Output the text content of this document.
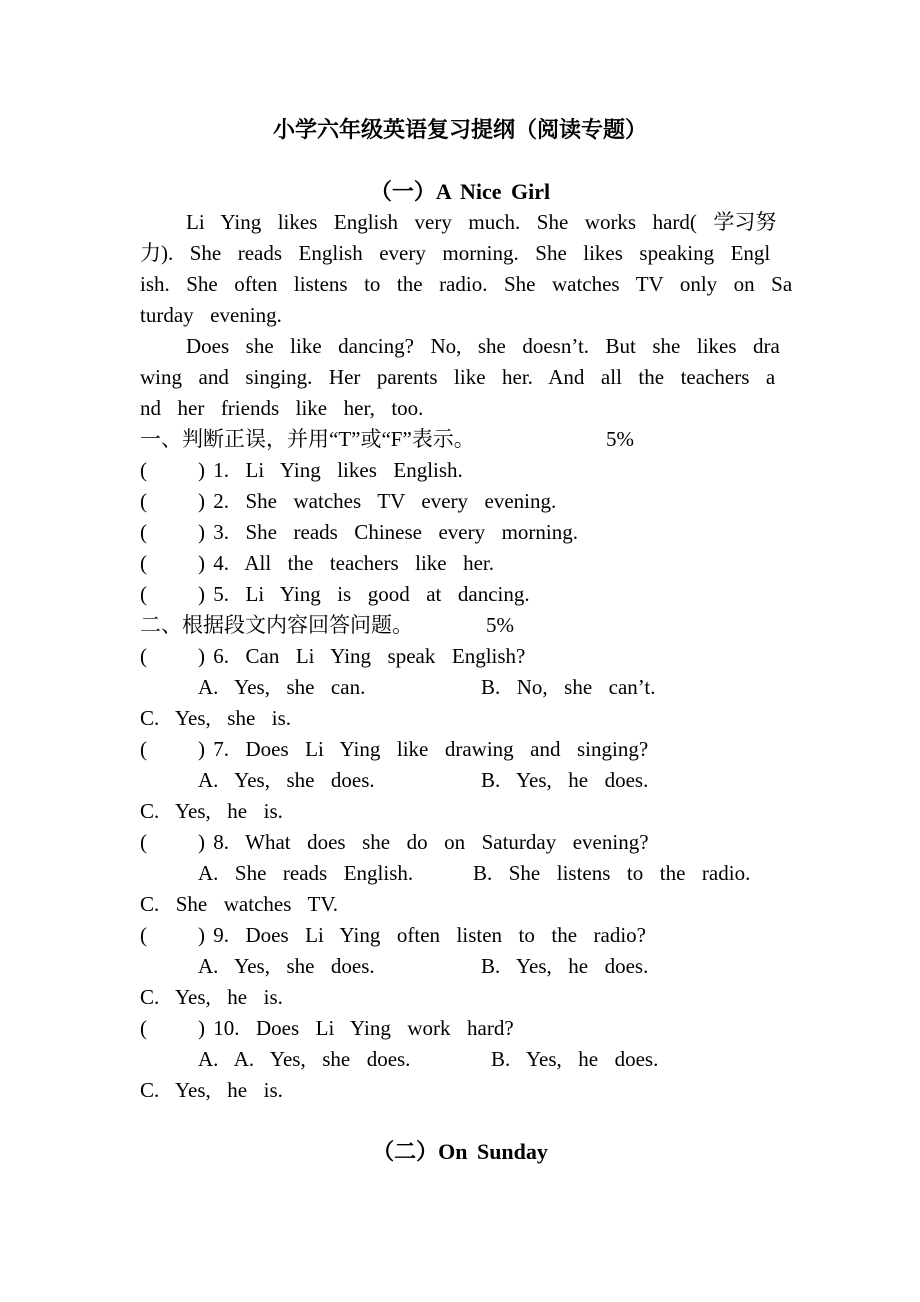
小学六年级英语复习提纲（阅读专题）
（一）A Nice Girl
Li  Ying  likes  English  very  much.  She  works  hard(  学习努
力).  She  reads  English  every  morning.  She  likes  speaking  Engl
ish.  She  often  listens  to  the  radio.  She  watches  TV  only  on  Sa
turday  evening.
Does  she  like  dancing?  No,  she  doesn’t.  But  she  likes  dra
wing  and  singing.  Her  parents  like  her.  And  all  the  teachers  a
nd  her  friends  like  her,  too.
一、判断正误，并用“T”或“F”表示。	5%
( ) 1.  Li  Ying  likes  English.
( ) 2.  She  watches  TV  every  evening.
( ) 3.  She  reads  Chinese  every  morning.
( ) 4.  All  the  teachers  like  her.
( ) 5.  Li  Ying  is  good  at  dancing.
二、根据段文内容回答问题。	5%
( ) 6.  Can  Li  Ying  speak  English?
A.  Yes,  she  can.	B.  No,  she  can’t.
C.  Yes,  she  is.
( ) 7.  Does  Li  Ying  like  drawing  and  singing?
A.  Yes,  she  does.	B.  Yes,  he  does.
C.  Yes,  he  is.
( ) 8.  What  does  she  do  on  Saturday  evening?
A.  She  reads  English.	B.  She  listens  to  the  radio.
C.  She  watches  TV.
( ) 9.  Does  Li  Ying  often  listen  to  the  radio?
A.  Yes,  she  does.	B.  Yes,  he  does.
C.  Yes,  he  is.
( ) 10.  Does  Li  Ying  work  hard?
A.  A.  Yes,  she  does.	B.  Yes,  he  does.
C.  Yes,  he  is.
（二）On Sunday
